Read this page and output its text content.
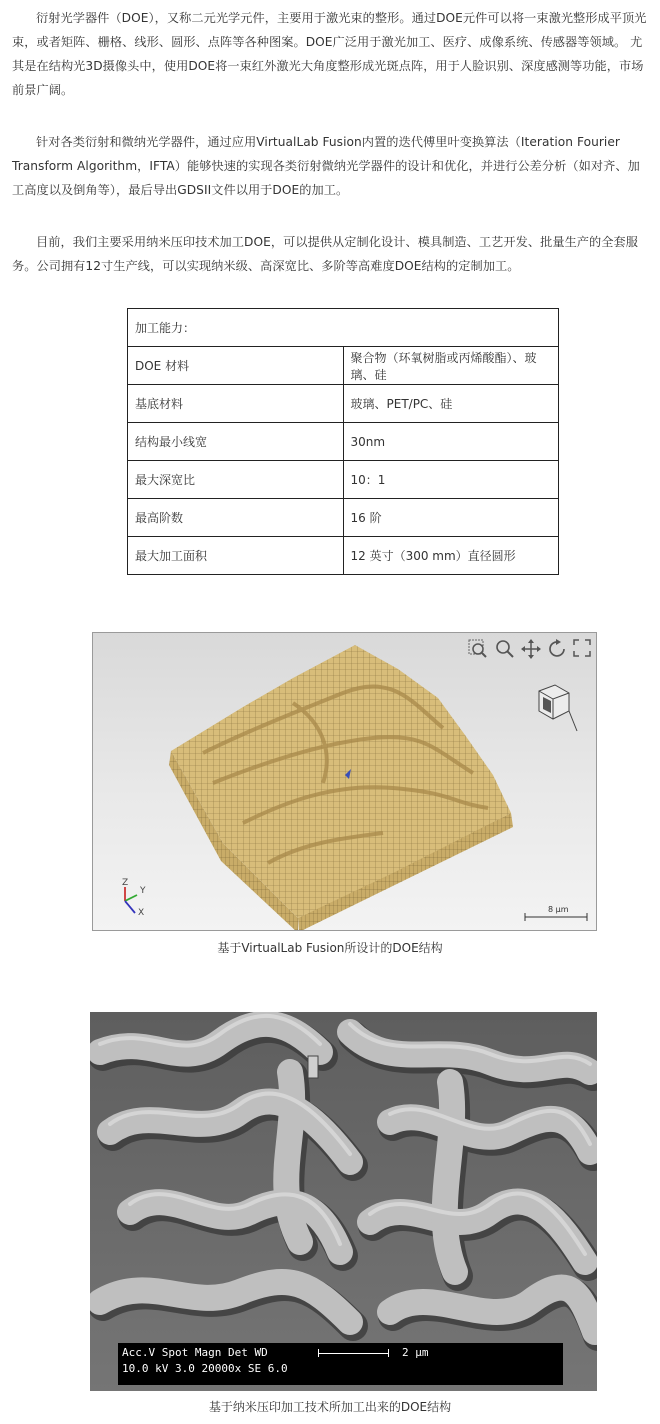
衍射光学器件（DOE），又称二元光学元件，主要用于激光束的整形。通过DOE元件可以将一束激光整形成平顶光束，或者矩阵、栅格、线形、圆形、点阵等各种图案。DOE广泛用于激光加工、医疗、成像系统、传感器等领域。 尤其是在结构光3D摄像头中，使用DOE将一束红外激光大角度整形成光斑点阵，用于人脸识别、深度感测等功能，市场前景广阔。

针对各类衍射和微纳光学器件，通过应用VirtualLab Fusion内置的迭代傅里叶变换算法（Iteration Fourier Transform Algorithm，IFTA）能够快速的实现各类衍射微纳光学器件的设计和优化，并进行公差分析（如对齐、加工高度以及倒角等），最后导出GDSII文件以用于DOE的加工。

目前，我们主要采用纳米压印技术加工DOE，可以提供从定制化设计、模具制造、工艺开发、批量生产的全套服务。公司拥有12寸生产线，可以实现纳米级、高深宽比、多阶等高难度DOE结构的定制加工。

加工能力：	
DOE 材料	聚合物（环氧树脂或丙烯酸酯）、玻璃、硅
基底材料	玻璃、PET/PC、硅
结构最小线宽	30nm
最大深宽比	10：1
最高阶数	16 阶
最大加工面积	12 英寸（300 mm）直径圆形
Z
Y
X	8 µm
基于VirtualLab Fusion所设计的DOE结构
Acc.V Spot Magn Det WD
10.0 kV 3.0 20000x SE 6.0
2 µm
基于纳米压印加工技术所加工出来的DOE结构
